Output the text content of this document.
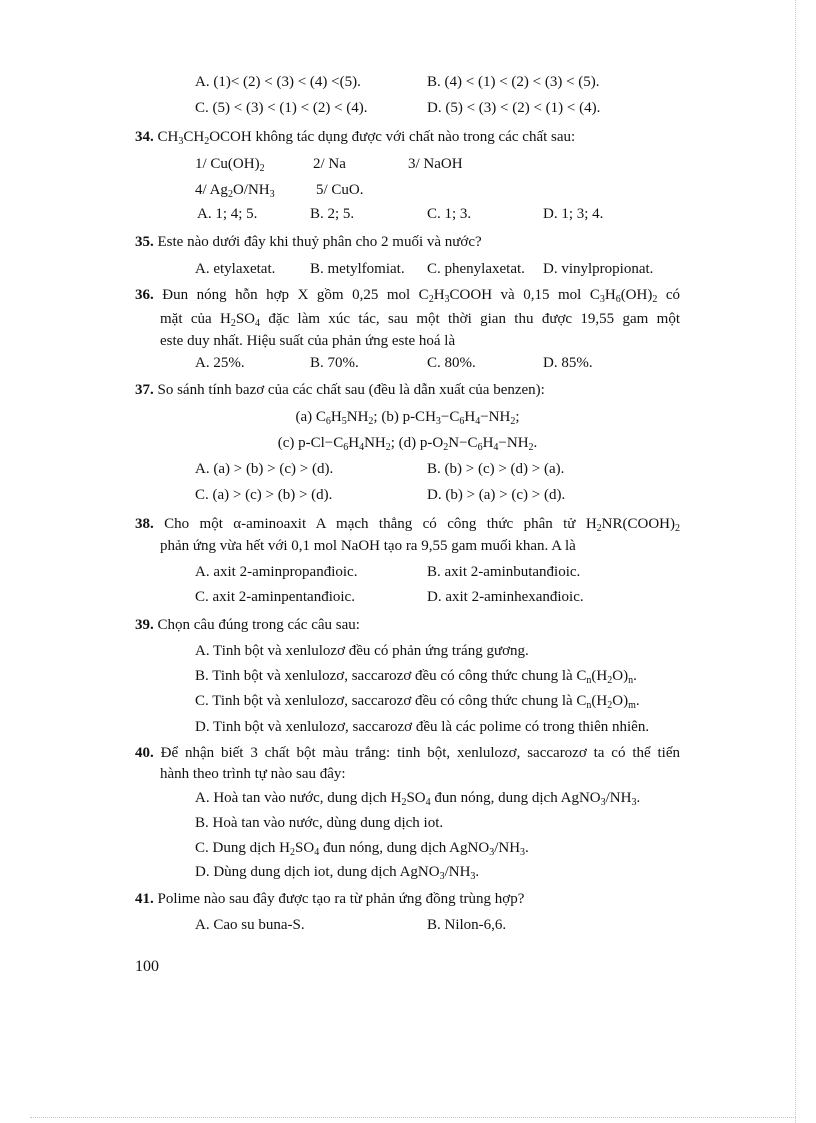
A. (1)< (2) < (3) < (4) <(5).	B. (4) < (1) < (2) < (3) < (5).
C. (5) < (3) < (1) < (2) < (4).	D. (5) < (3) < (2) < (1) < (4).
34. $CH_3CH_2OCOH$ không tác dụng được với chất nào trong các chất sau:
1/ $Cu(OH)_2$	2/ Na	3/ NaOH
4/ $Ag_2O/NH_3$	5/ CuO.
A. 1; 4; 5.	B. 2; 5.	C. 1; 3.	D. 1; 3; 4.
35. Este nào dưới đây khi thuỷ phân cho 2 muối và nước?
A. etylaxetat. B. metylfomiat. C. phenylaxetat. D. vinylpropionat.
36. Đun nóng hỗn hợp X gồm 0,25 mol $C_2H_3COOH$ và 0,15 mol $C_3H_6(OH)_2$ có
mặt của $H_2SO_4$ đặc làm xúc tác, sau một thời gian thu được 19,55 gam một
este duy nhất. Hiệu suất của phản ứng este hoá là
A. 25%.	B. 70%.	C. 80%.	D. 85%.
37. So sánh tính bazơ của các chất sau (đều là dẫn xuất của benzen):
(a) $C_6H_5NH_2$; (b) $p-CH_3-C_6H_4-NH_2$;
(c) $p-Cl-C_6H_4NH_2$; (d) $p-O_2N-C_6H_4-NH_2$.
A. (a) > (b) > (c) > (d).	B. (b) > (c) > (d) > (a).
C. (a) > (c) > (b) > (d).	D. (b) > (a) > (c) > (d).
38. Cho một α-aminoaxit A mạch thẳng có công thức phân tử $H_2NR(COOH)_2$
phản ứng vừa hết với 0,1 mol NaOH tạo ra 9,55 gam muối khan. A là
A. axit 2-aminpropanđioic.	B. axit 2-aminbutanđioic.
C. axit 2-aminpentanđioic.	D. axit 2-aminhexanđioic.
39. Chọn câu đúng trong các câu sau:
A. Tinh bột và xenlulozơ đều có phản ứng tráng gương.
B. Tinh bột và xenlulozơ, saccarozơ đều có công thức chung là $C_n(H_2O)_n$.
C. Tinh bột và xenlulozơ, saccarozơ đều có công thức chung là $C_n(H_2O)_m$.
D. Tinh bột và xenlulozơ, saccarozơ đều là các polime có trong thiên nhiên.
40. Để nhận biết 3 chất bột màu trắng: tinh bột, xenlulozơ, saccarozơ ta có thể tiến
hành theo trình tự nào sau đây:
A. Hoà tan vào nước, dung dịch $H_2SO_4$ đun nóng, dung dịch $AgNO_3/NH_3$.
B. Hoà tan vào nước, dùng dung dịch iot.
C. Dung dịch $H_2SO_4$ đun nóng, dung dịch $AgNO_3/NH_3$.
D. Dùng dung dịch iot, dung dịch $AgNO_3/NH_3$.
41. Polime nào sau đây được tạo ra từ phản ứng đồng trùng hợp?
A. Cao su buna-S.	B. Nilon-6,6.
100
